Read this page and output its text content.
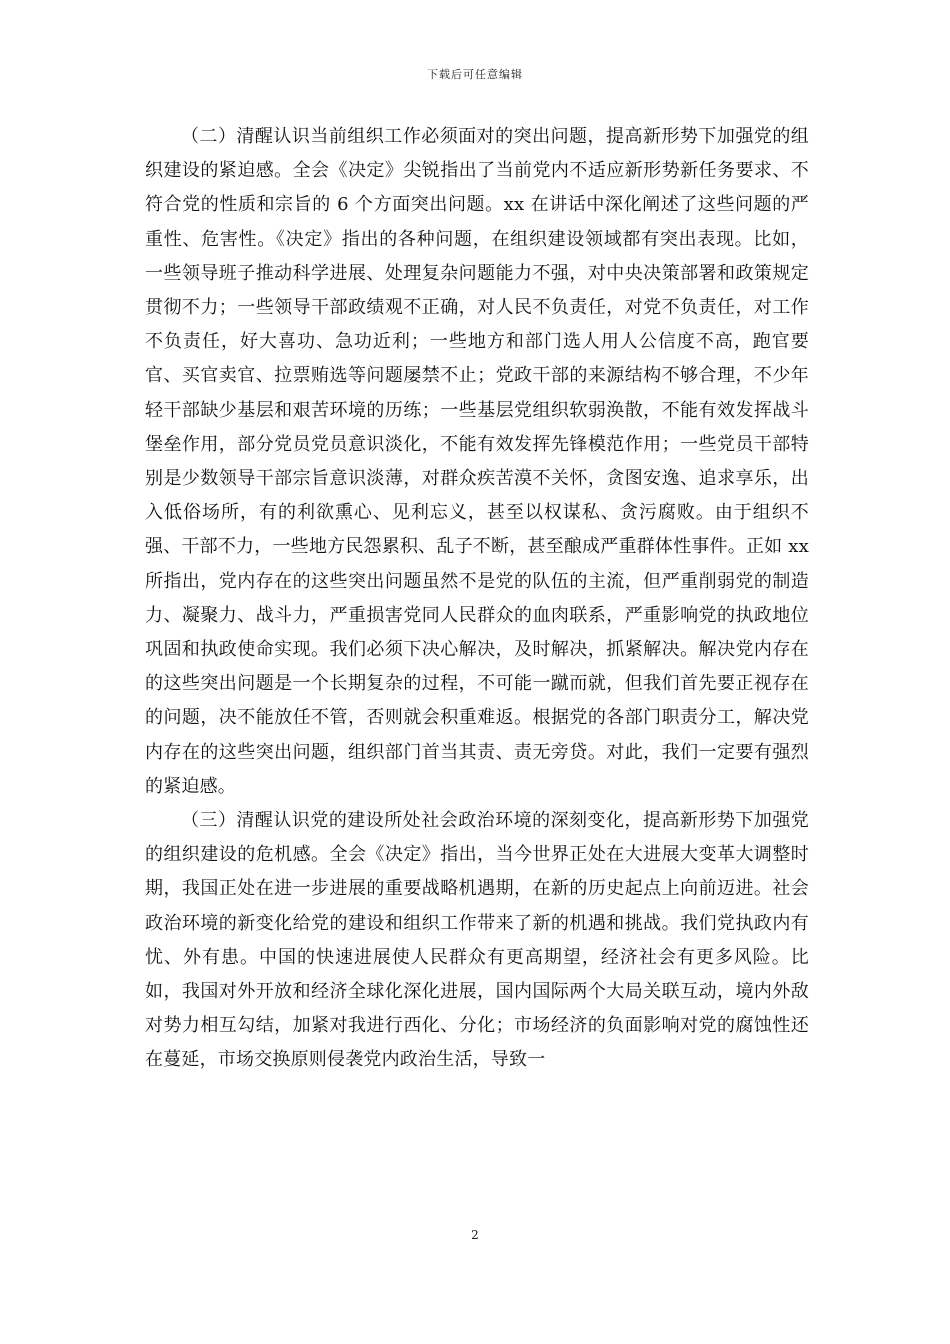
下载后可任意编辑

（二）清醒认识当前组织工作必须面对的突出问题，提高新形势下加强党的组织建设的紧迫感。全会《决定》尖锐指出了当前党内不适应新形势新任务要求、不符合党的性质和宗旨的 6 个方面突出问题。xx 在讲话中深化阐述了这些问题的严重性、危害性。《决定》指出的各种问题，在组织建设领域都有突出表现。比如，一些领导班子推动科学进展、处理复杂问题能力不强，对中央决策部署和政策规定贯彻不力；一些领导干部政绩观不正确，对人民不负责任，对党不负责任，对工作不负责任，好大喜功、急功近利；一些地方和部门选人用人公信度不高，跑官要官、买官卖官、拉票贿选等问题屡禁不止；党政干部的来源结构不够合理，不少年轻干部缺少基层和艰苦环境的历练；一些基层党组织软弱涣散，不能有效发挥战斗堡垒作用，部分党员党员意识淡化，不能有效发挥先锋模范作用；一些党员干部特别是少数领导干部宗旨意识淡薄，对群众疾苦漠不关怀，贪图安逸、追求享乐，出入低俗场所，有的利欲熏心、见利忘义，甚至以权谋私、贪污腐败。由于组织不强、干部不力，一些地方民怨累积、乱子不断，甚至酿成严重群体性事件。正如 xx 所指出，党内存在的这些突出问题虽然不是党的队伍的主流，但严重削弱党的制造力、凝聚力、战斗力，严重损害党同人民群众的血肉联系，严重影响党的执政地位巩固和执政使命实现。我们必须下决心解决，及时解决，抓紧解决。解决党内存在的这些突出问题是一个长期复杂的过程，不可能一蹴而就，但我们首先要正视存在的问题，决不能放任不管，否则就会积重难返。根据党的各部门职责分工，解决党内存在的这些突出问题，组织部门首当其责、责无旁贷。对此，我们一定要有强烈的紧迫感。

（三）清醒认识党的建设所处社会政治环境的深刻变化，提高新形势下加强党的组织建设的危机感。全会《决定》指出，当今世界正处在大进展大变革大调整时期，我国正处在进一步进展的重要战略机遇期，在新的历史起点上向前迈进。社会政治环境的新变化给党的建设和组织工作带来了新的机遇和挑战。我们党执政内有忧、外有患。中国的快速进展使人民群众有更高期望，经济社会有更多风险。比如，我国对外开放和经济全球化深化进展，国内国际两个大局关联互动，境内外敌对势力相互勾结，加紧对我进行西化、分化；市场经济的负面影响对党的腐蚀性还在蔓延，市场交换原则侵袭党内政治生活，导致一

2
